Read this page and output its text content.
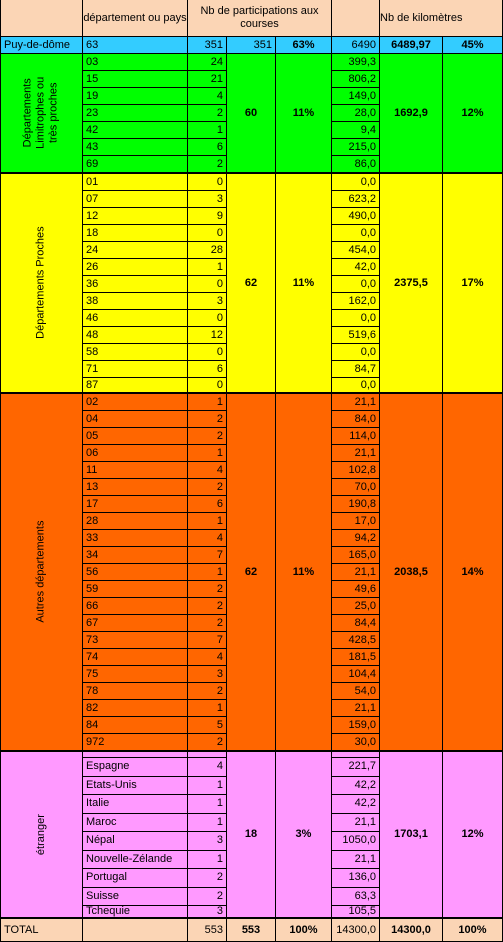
département ou pays
Nb de participations aux courses
Nb de kilomètres
Puy-de-dôme	63	351	351	63%	6490	6489,97	45%
Départements Limitrophes ou très proches
03	24	399,3
15	21	806,2
19	4	149,0
23	2	28,0
42	1	9,4
43	6	215,0
69	2	86,0
60	11%	1692,9	12%
Départements Proches
01	0	0,0
07	3	623,2
12	9	490,0
18	0	0,0
24	28	454,0
26	1	42,0
36	0	0,0
38	3	162,0
46	0	0,0
48	12	519,6
58	0	0,0
71	6	84,7
87	0	0,0
62	11%	2375,5	17%
Autres départements
02	1	21,1
04	2	84,0
05	2	114,0
06	1	21,1
11	4	102,8
13	2	70,0
17	6	190,8
28	1	17,0
33	4	94,2
34	7	165,0
56	1	21,1
59	2	49,6
66	2	25,0
67	2	84,4
73	7	428,5
74	4	181,5
75	3	104,4
78	2	54,0
82	1	21,1
84	5	159,0
972	2	30,0
62	11%	2038,5	14%
étranger
Espagne	4	221,7
Etats-Unis	1	42,2
Italie	1	42,2
Maroc	1	21,1
Népal	3	1050,0
Nouvelle-Zélande	1	21,1
Portugal	2	136,0
Suisse	2	63,3
Tchequie	3	105,5
18	3%	1703,1	12%
TOTAL	553	553	100%	14300,0	14300,0	100%
